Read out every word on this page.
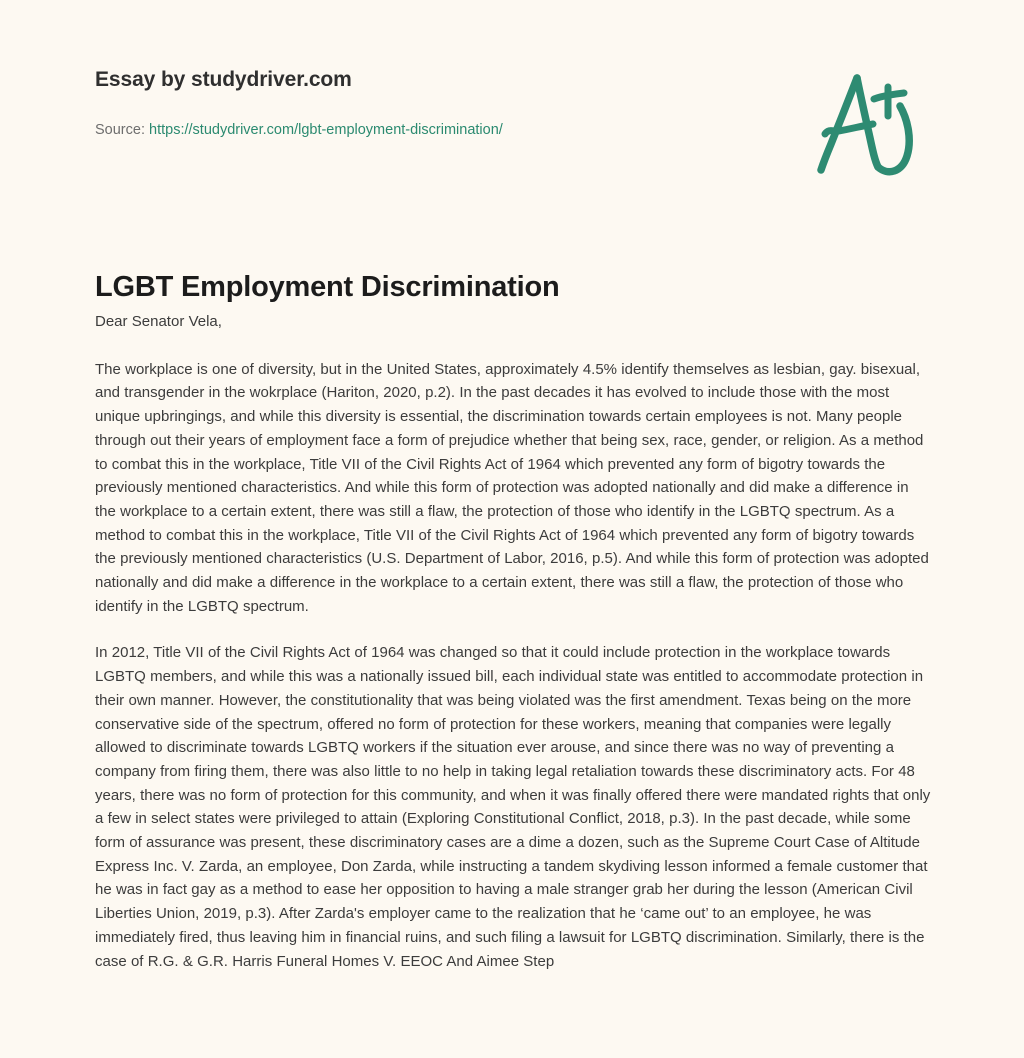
Essay by studydriver.com
Source: https://studydriver.com/lgbt-employment-discrimination/
LGBT Employment Discrimination

Dear Senator Vela,

The workplace is one of diversity, but in the United States, approximately 4.5% identify themselves as lesbian, gay. bisexual, and transgender in the wokrplace (Hariton, 2020, p.2). In the past decades it has evolved to include those with the most unique upbringings, and while this diversity is essential, the discrimination towards certain employees is not. Many people through out their years of employment face a form of prejudice whether that being sex, race, gender, or religion. As a method to combat this in the workplace, Title VII of the Civil Rights Act of 1964 which prevented any form of bigotry towards the previously mentioned characteristics. And while this form of protection was adopted nationally and did make a difference in the workplace to a certain extent, there was still a flaw, the protection of those who identify in the LGBTQ spectrum. As a method to combat this in the workplace, Title VII of the Civil Rights Act of 1964 which prevented any form of bigotry towards the previously mentioned characteristics (U.S. Department of Labor, 2016, p.5). And while this form of protection was adopted nationally and did make a difference in the workplace to a certain extent, there was still a flaw, the protection of those who identify in the LGBTQ spectrum.

In 2012, Title VII of the Civil Rights Act of 1964 was changed so that it could include protection in the workplace towards LGBTQ members, and while this was a nationally issued bill, each individual state was entitled to accommodate protection in their own manner. However, the constitutionality that was being violated was the first amendment. Texas being on the more conservative side of the spectrum, offered no form of protection for these workers, meaning that companies were legally allowed to discriminate towards LGBTQ workers if the situation ever arouse, and since there was no way of preventing a company from firing them, there was also little to no help in taking legal retaliation towards these discriminatory acts. For 48 years, there was no form of protection for this community, and when it was finally offered there were mandated rights that only a few in select states were privileged to attain (Exploring Constitutional Conflict, 2018, p.3). In the past decade, while some form of assurance was present, these discriminatory cases are a dime a dozen, such as the Supreme Court Case of Altitude Express Inc. V. Zarda, an employee, Don Zarda, while instructing a tandem skydiving lesson informed a female customer that he was in fact gay as a method to ease her opposition to having a male stranger grab her during the lesson (American Civil Liberties Union, 2019, p.3). After Zarda's employer came to the realization that he ‘came out’ to an employee, he was immediately fired, thus leaving him in financial ruins, and such filing a lawsuit for LGBTQ discrimination. Similarly, there is the case of R.G. & G.R. Harris Funeral Homes V. EEOC And Aimee Step
